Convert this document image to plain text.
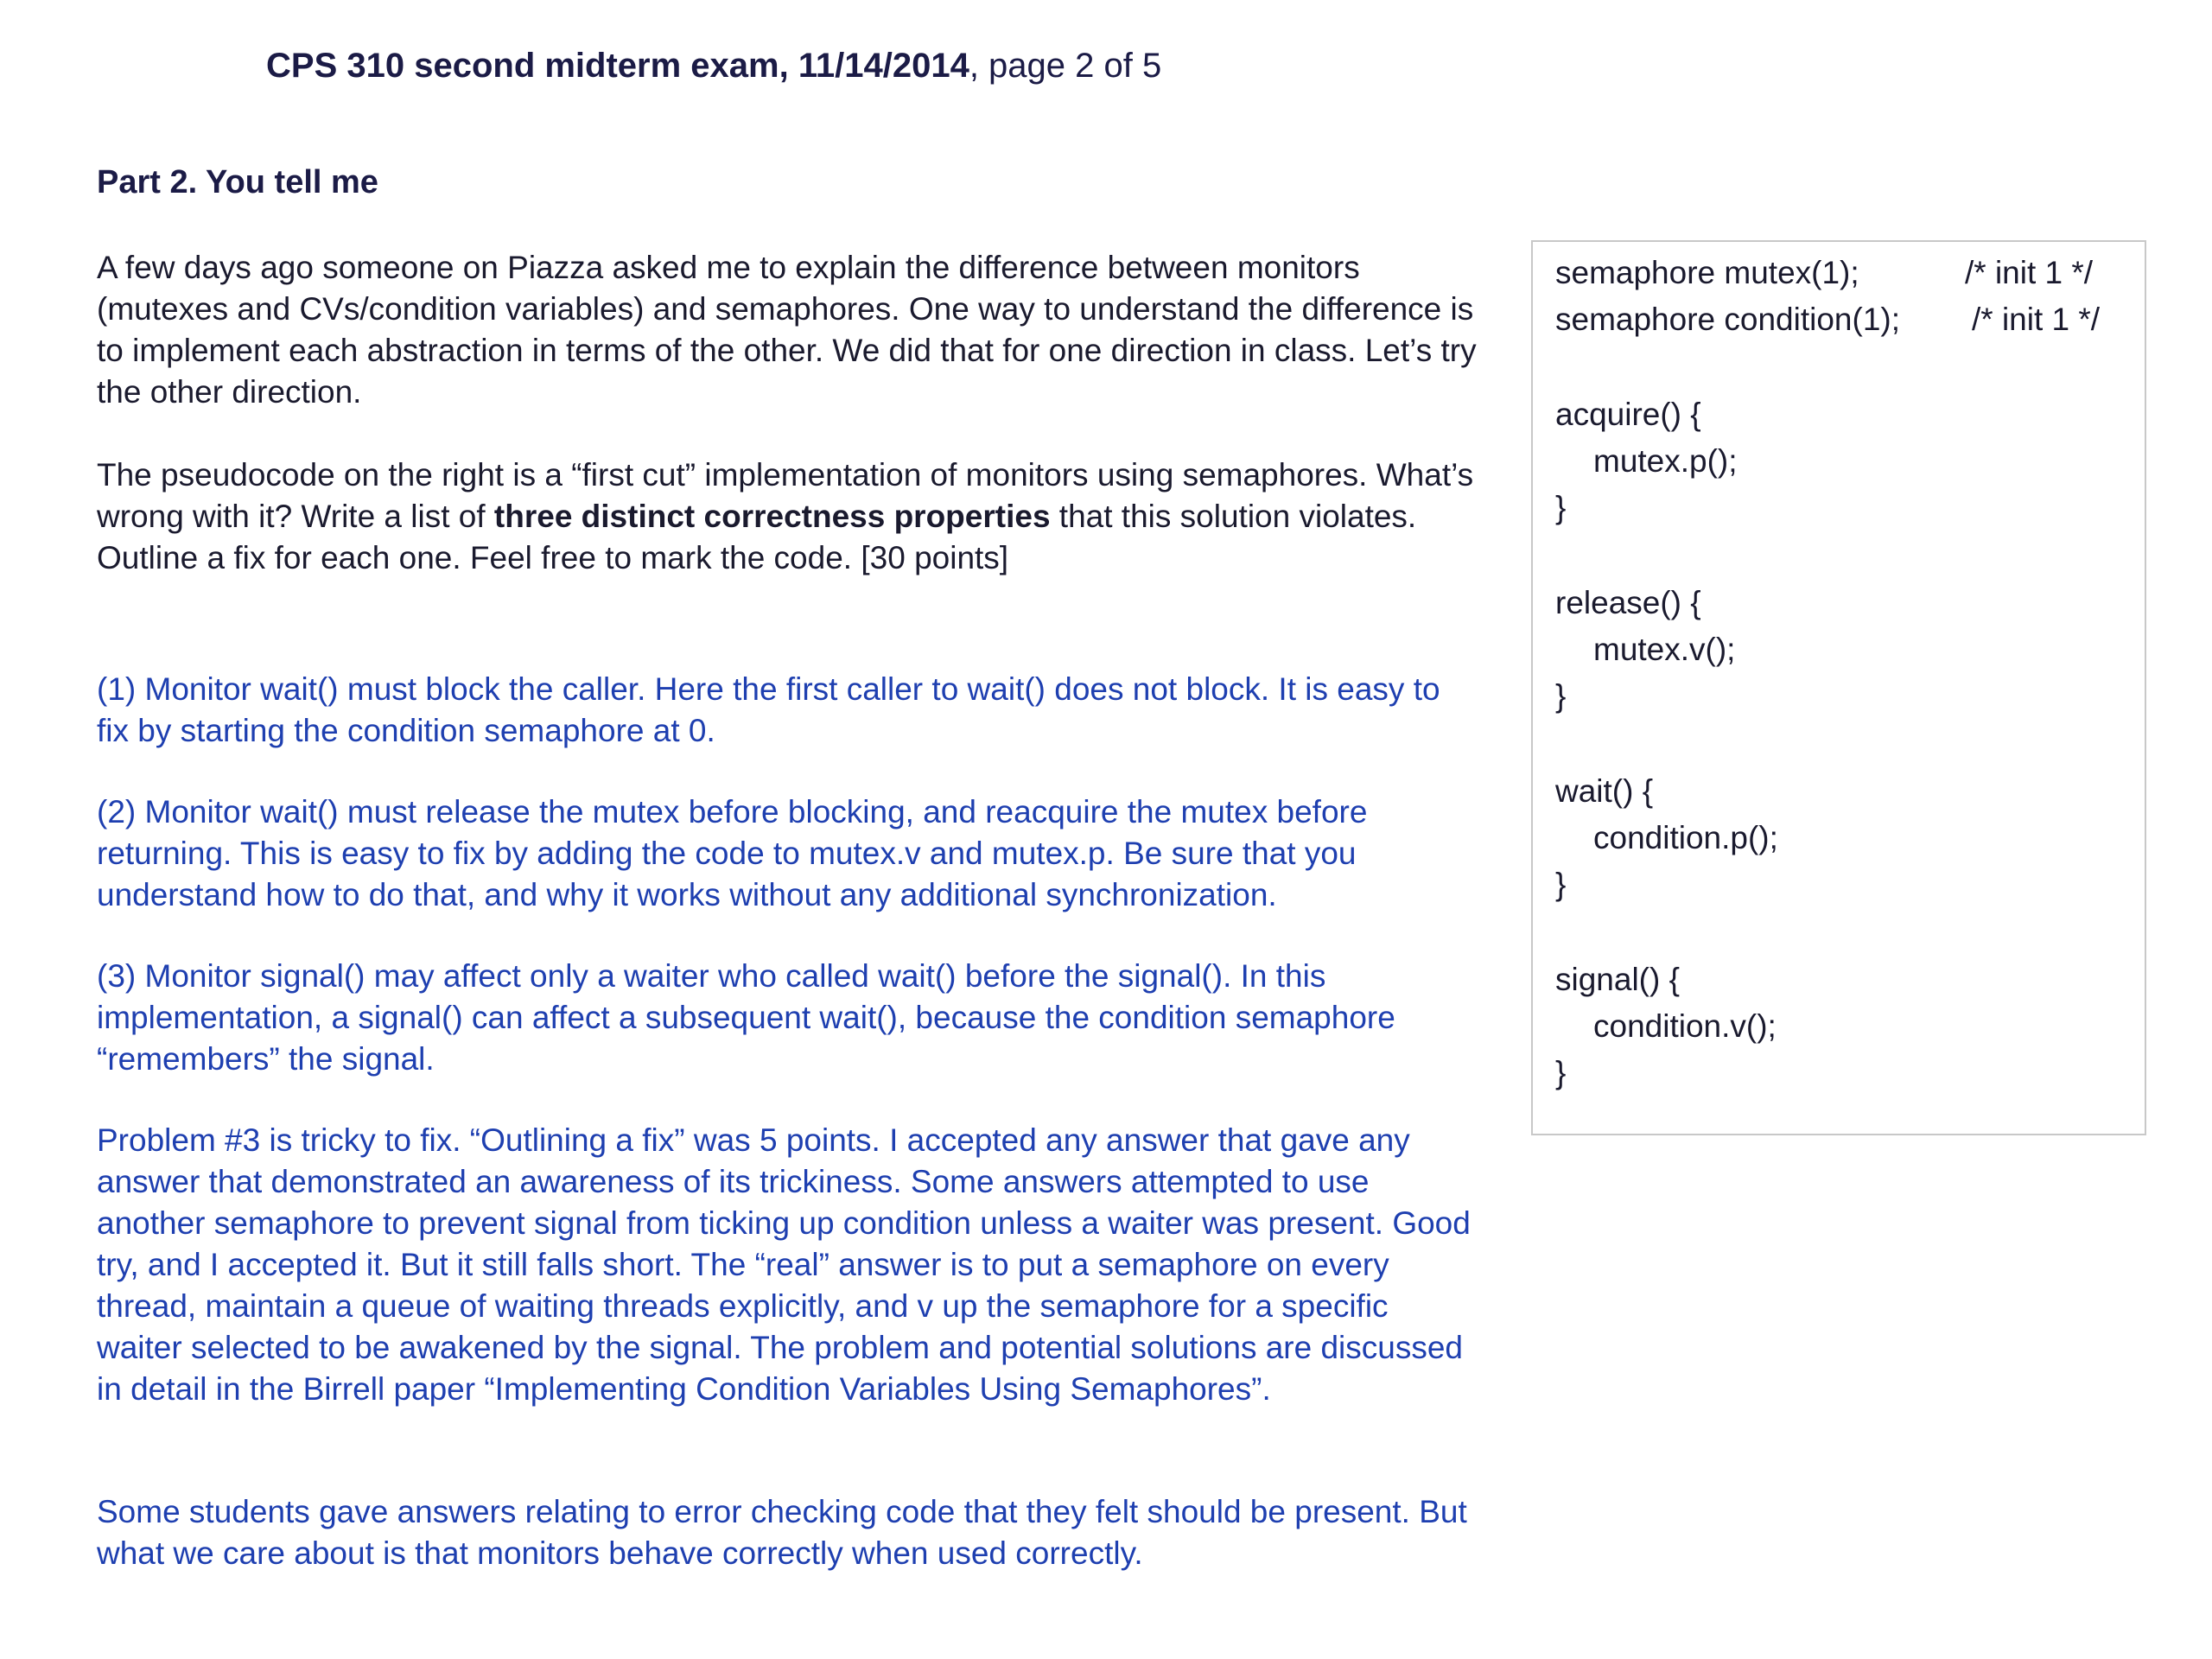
CPS 310 second midterm exam, 11/14/2014, page 2 of 5
Part 2. You tell me
A few days ago someone on Piazza asked me to explain the difference between monitors (mutexes and CVs/condition variables) and semaphores. One way to understand the difference is to implement each abstraction in terms of the other. We did that for one direction in class. Let’s try the other direction.
The pseudocode on the right is a “first cut” implementation of monitors using semaphores. What’s wrong with it? Write a list of three distinct correctness properties that this solution violates. Outline a fix for each one. Feel free to mark the code. [30 points]
(1) Monitor wait() must block the caller. Here the first caller to wait() does not block. It is easy to fix by starting the condition semaphore at 0.
(2) Monitor wait() must release the mutex before blocking, and reacquire the mutex before returning. This is easy to fix by adding the code to mutex.v and mutex.p. Be sure that you understand how to do that, and why it works without any additional synchronization.
(3) Monitor signal() may affect only a waiter who called wait() before the signal(). In this implementation, a signal() can affect a subsequent wait(), because the condition semaphore “remembers” the signal.
Problem #3 is tricky to fix. “Outlining a fix” was 5 points. I accepted any answer that gave any answer that demonstrated an awareness of its trickiness. Some answers attempted to use another semaphore to prevent signal from ticking up condition unless a waiter was present. Good try, and I accepted it. But it still falls short. The “real” answer is to put a semaphore on every thread, maintain a queue of waiting threads explicitly, and v up the semaphore for a specific waiter selected to be awakened by the signal. The problem and potential solutions are discussed in detail in the Birrell paper “Implementing Condition Variables Using Semaphores”.
Some students gave answers relating to error checking code that they felt should be present. But what we care about is that monitors behave correctly when used correctly.
semaphore mutex(1);	/* init 1 */
semaphore condition(1); /* init 1 */
acquire() {
mutex.p();
}
release() {
mutex.v();
}
wait() {
condition.p();
}
signal() {
condition.v();
}
